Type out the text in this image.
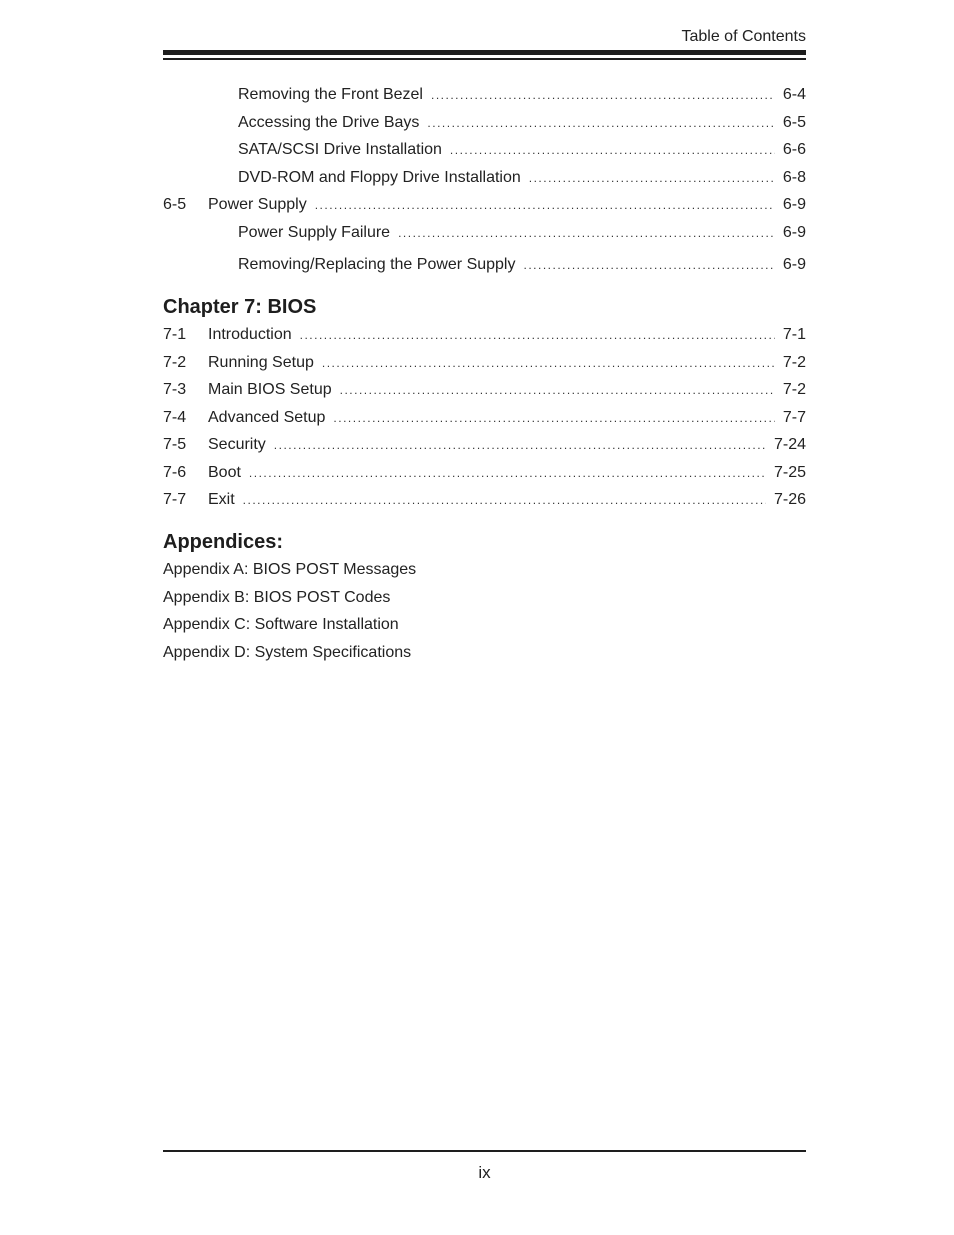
Table of Contents
Removing the Front Bezel .....	6-4
Accessing the Drive Bays .....	6-5
SATA/SCSI Drive Installation .....	6-6
DVD-ROM and Floppy Drive Installation .....	6-8
6-5	Power Supply .....	6-9
Power Supply Failure .....	6-9
Removing/Replacing the Power Supply .....	6-9
Chapter 7: BIOS
7-1	Introduction .....	7-1
7-2	Running Setup .....	7-2
7-3	Main BIOS Setup .....	7-2
7-4	Advanced Setup .....	7-7
7-5	Security .....	7-24
7-6	Boot .....	7-25
7-7	Exit .....	7-26
Appendices:
Appendix A: BIOS POST Messages
Appendix B: BIOS POST Codes
Appendix C: Software Installation
Appendix D: System Specifications
ix
